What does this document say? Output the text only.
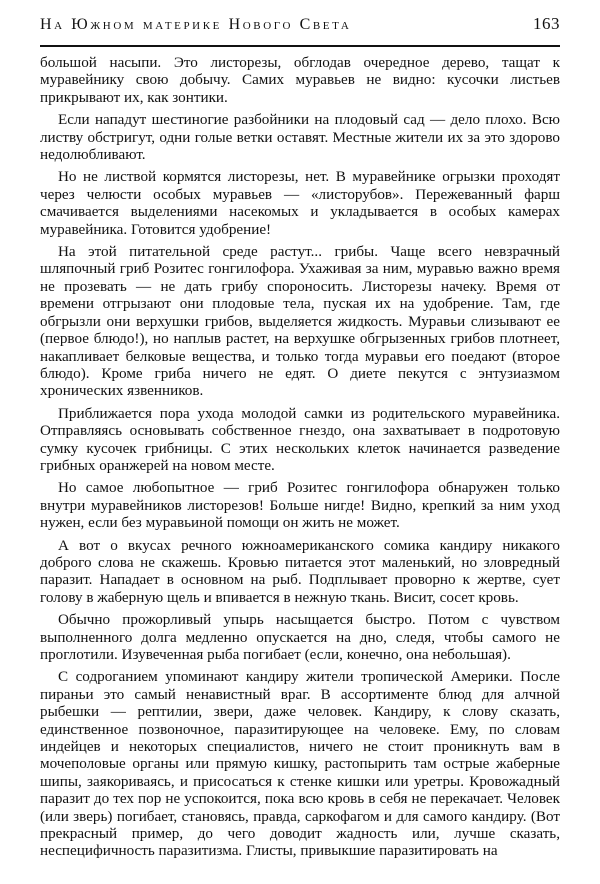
На Южном материке Нового Света	163

большой насыпи. Это листорезы, обглодав очередное дерево, тащат к муравейнику свою добычу. Самих муравьев не видно: кусочки листьев прикрывают их, как зонтики.

Если нападут шестиногие разбойники на плодовый сад — дело плохо. Всю листву обстригут, одни голые ветки оставят. Местные жители их за это здорово недолюбливают.

Но не листвой кормятся листорезы, нет. В муравейнике огрызки проходят через челюсти особых муравьев — «листорубов». Пережеванный фарш смачивается выделениями насекомых и укладывается в особых камерах муравейника. Готовится удобрение!

На этой питательной среде растут... грибы. Чаще всего невзрачный шляпочный гриб Розитес гонгилофора. Ухаживая за ним, муравью важно время не прозевать — не дать грибу спороносить. Листорезы начеку. Время от времени отгрызают они плодовые тела, пуская их на удобрение. Там, где обгрызли они верхушки грибов, выделяется жидкость. Муравьи слизывают ее (первое блюдо!), но наплыв растет, на верхушке обгрызенных грибов плотнеет, накапливает белковые вещества, и только тогда муравьи его поедают (второе блюдо). Кроме гриба ничего не едят. О диете пекутся с энтузиазмом хронических язвенников.

Приближается пора ухода молодой самки из родительского муравейника. Отправляясь основывать собственное гнездо, она захватывает в подротовую сумку кусочек грибницы. С этих нескольких клеток начинается разведение грибных оранжерей на новом месте.

Но самое любопытное — гриб Розитес гонгилофора обнаружен только внутри муравейников листорезов! Больше нигде! Видно, крепкий за ним уход нужен, если без муравьиной помощи он жить не может.

А вот о вкусах речного южноамериканского сомика кандиру никакого доброго слова не скажешь. Кровью питается этот маленький, но зловредный паразит. Нападает в основном на рыб. Подплывает проворно к жертве, сует голову в жаберную щель и впивается в нежную ткань. Висит, сосет кровь.

Обычно прожорливый упырь насыщается быстро. Потом с чувством выполненного долга медленно опускается на дно, следя, чтобы самого не проглотили. Изувеченная рыба погибает (если, конечно, она небольшая).

С содроганием упоминают кандиру жители тропической Америки. После пираньи это самый ненавистный враг. В ассортименте блюд для алчной рыбешки — рептилии, звери, даже человек. Кандиру, к слову сказать, единственное позвоночное, паразитирующее на человеке. Ему, по словам индейцев и некоторых специалистов, ничего не стоит проникнуть вам в мочеполовые органы или прямую кишку, растопырить там острые жаберные шипы, заякориваясь, и присосаться к стенке кишки или уретры. Кровожадный паразит до тех пор не успокоится, пока всю кровь в себя не перекачает. Человек (или зверь) погибает, становясь, правда, саркофагом и для самого кандиру. (Вот прекрасный пример, до чего доводит жадность или, лучше сказать, неспецифичность паразитизма. Глисты, привыкшие паразитировать на
